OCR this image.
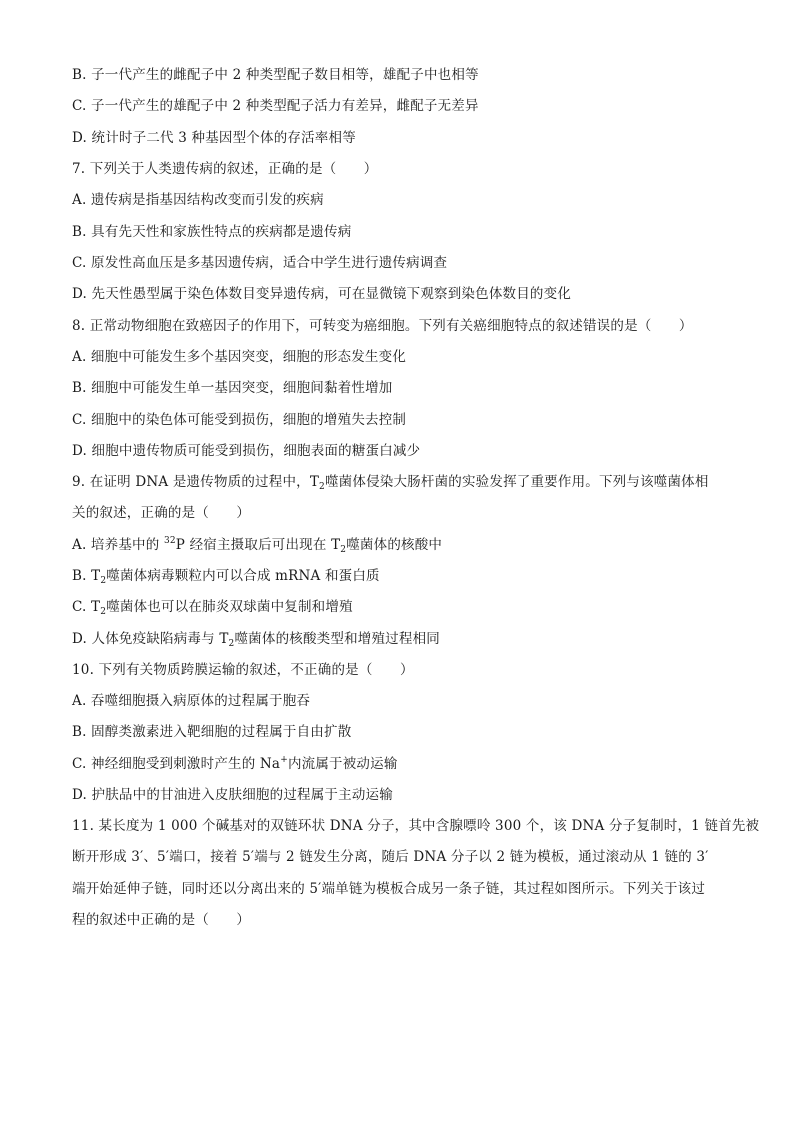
B. 子一代产生的雌配子中 2 种类型配子数目相等，雄配子中也相等
C. 子一代产生的雄配子中 2 种类型配子活力有差异，雌配子无差异
D. 统计时子二代 3 种基因型个体的存活率相等
7. 下列关于人类遗传病的叙述，正确的是（　　）
A. 遗传病是指基因结构改变而引发的疾病
B. 具有先天性和家族性特点的疾病都是遗传病
C. 原发性高血压是多基因遗传病，适合中学生进行遗传病调查
D. 先天性愚型属于染色体数目变异遗传病，可在显微镜下观察到染色体数目的变化
8. 正常动物细胞在致癌因子的作用下，可转变为癌细胞。下列有关癌细胞特点的叙述错误的是（　　）
A. 细胞中可能发生多个基因突变，细胞的形态发生变化
B. 细胞中可能发生单一基因突变，细胞间黏着性增加
C. 细胞中的染色体可能受到损伤，细胞的增殖失去控制
D. 细胞中遗传物质可能受到损伤，细胞表面的糖蛋白减少
9. 在证明 DNA 是遗传物质的过程中，$T_2$噬菌体侵染大肠杆菌的实验发挥了重要作用。下列与该噬菌体相
关的叙述，正确的是（　　）
A. 培养基中的 $^{32}$P 经宿主摄取后可出现在 $T_2$噬菌体的核酸中
B. $T_2$噬菌体病毒颗粒内可以合成 mRNA 和蛋白质
C. $T_2$噬菌体也可以在肺炎双球菌中复制和增殖
D. 人体免疫缺陷病毒与 $T_2$噬菌体的核酸类型和增殖过程相同
10. 下列有关物质跨膜运输的叙述，不正确的是（　　）
A. 吞噬细胞摄入病原体的过程属于胞吞
B. 固醇类激素进入靶细胞的过程属于自由扩散
C. 神经细胞受到刺激时产生的 Na+内流属于被动运输
D. 护肤品中的甘油进入皮肤细胞的过程属于主动运输
11. 某长度为 1 000 个碱基对的双链环状 DNA 分子，其中含腺嘌呤 300 个，该 DNA 分子复制时，1 链首先被
断开形成 3′、5′端口，接着 5′端与 2 链发生分离，随后 DNA 分子以 2 链为模板，通过滚动从 1 链的 3′
端开始延伸子链，同时还以分离出来的 5′端单链为模板合成另一条子链，其过程如图所示。下列关于该过
程的叙述中正确的是（　　）
